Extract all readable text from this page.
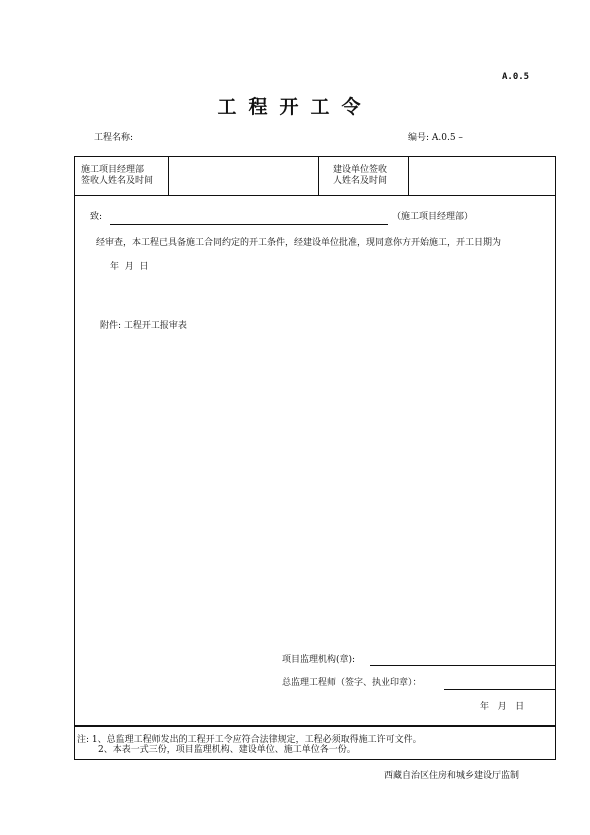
A.0.5
工程开工令
工程名称:	编号: A.0.5 –
施工项目经理部
签收人姓名及时间
建设单位签收
人姓名及时间
致:	（施工项目经理部）
经审查，本工程已具备施工合同约定的开工条件，经建设单位批准，现同意你方开始施工，开工日期为
年  月  日
附件: 工程开工报审表
项目监理机构(章):
总监理工程师（签字、执业印章）：
年   月   日
注: 1、总监理工程师发出的工程开工令应符合法律规定，工程必须取得施工许可文件。
2、本表一式三份，项目监理机构、建设单位、施工单位各一份。
西藏自治区住房和城乡建设厅监制
